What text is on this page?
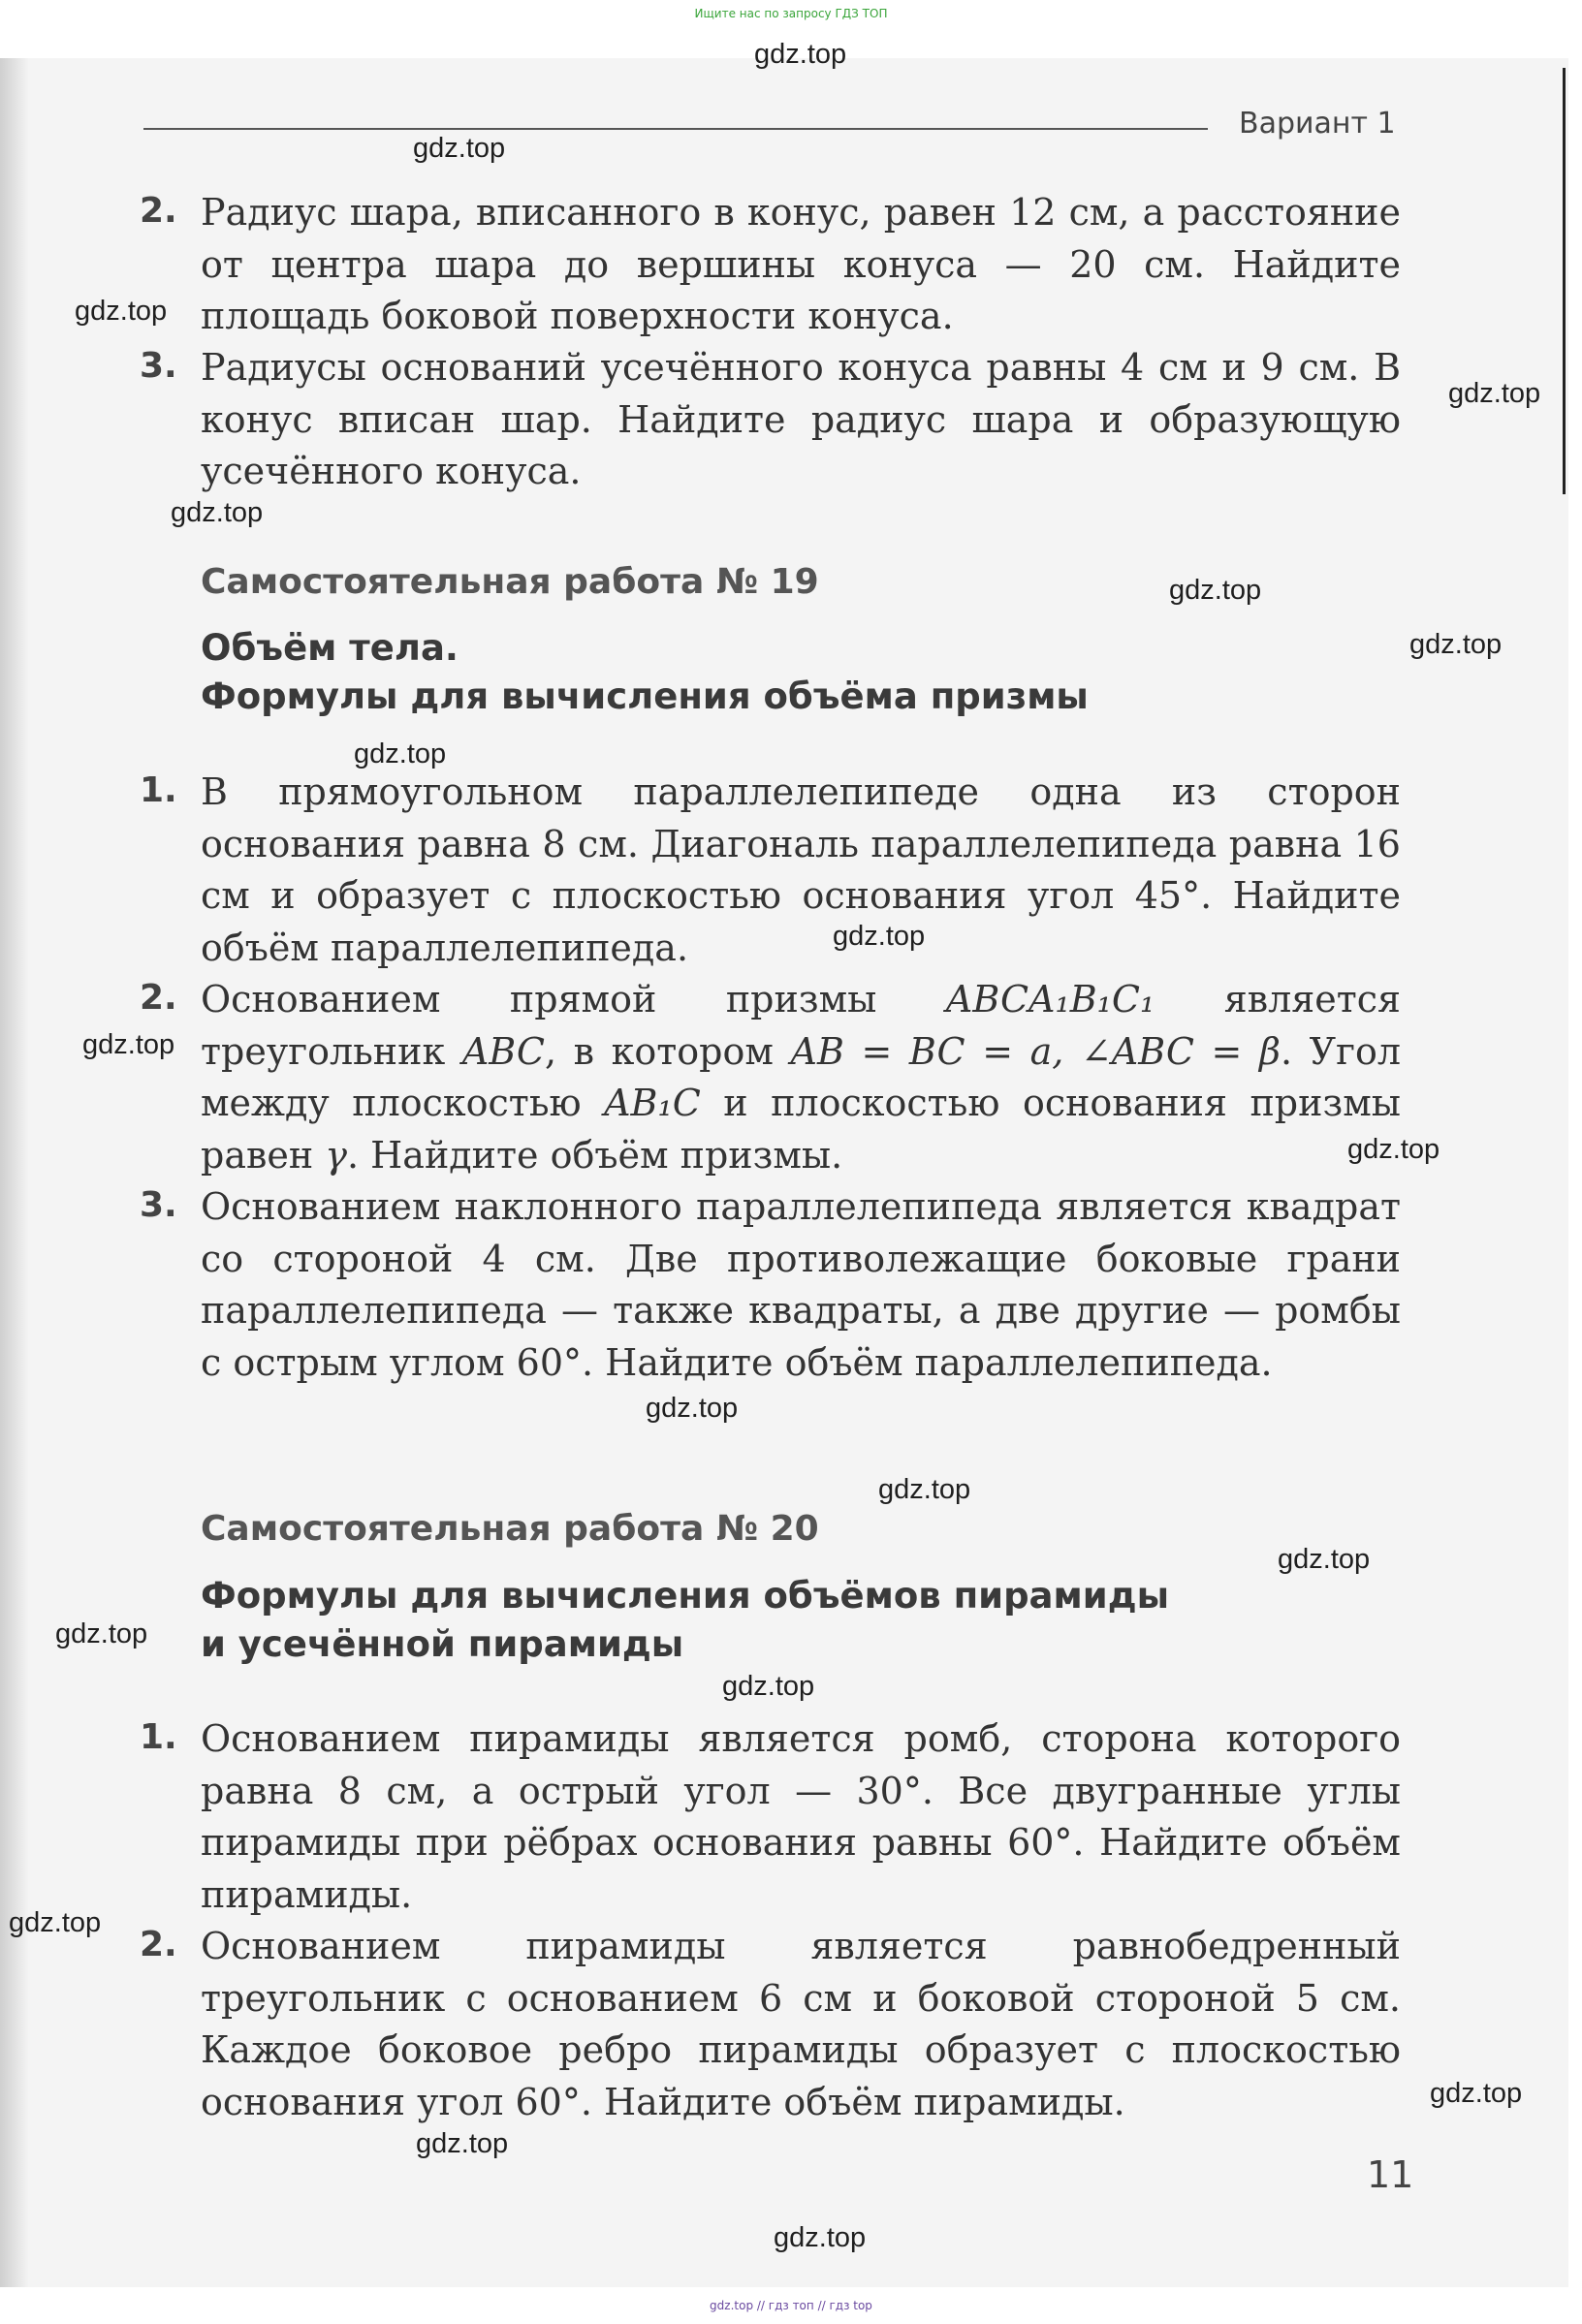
Ищите нас по запросу ГДЗ ТОП
Вариант 1
2. Радиус шара, вписанного в конус, равен 12 см, а расстояние от центра шара до вершины конуса — 20 см. Найдите площадь боковой поверхности конуса.

3. Радиусы оснований усечённого конуса равны 4 см и 9 см. В конус вписан шар. Найдите радиус шара и образующую усечённого конуса.

Самостоятельная работа № 19
Объём тела.
Формулы для вычисления объёма призмы
1. В прямоугольном параллелепипеде одна из сторон основания равна 8 см. Диагональ параллелепипеда равна 16 см и образует с плоскостью основания угол 45°. Найдите объём параллелепипеда.

2. Основанием прямой призмы ABCA₁B₁C₁ является треугольник ABC, в котором AB = BC = a, ∠ABC = β. Угол между плоскостью AB₁C и плоскостью основания призмы равен γ. Найдите объём призмы.

3. Основанием наклонного параллелепипеда является квадрат со стороной 4 см. Две противолежащие боковые грани параллелепипеда — также квадраты, а две другие — ромбы с острым углом 60°. Найдите объём параллелепипеда.

Самостоятельная работа № 20
Формулы для вычисления объёмов пирамиды
и усечённой пирамиды
1. Основанием пирамиды является ромб, сторона которого равна 8 см, а острый угол — 30°. Все двугранные углы пирамиды при рёбрах основания равны 60°. Найдите объём пирамиды.

2. Основанием пирамиды является равнобедренный треугольник с основанием 6 см и боковой стороной 5 см. Каждое боковое ребро пирамиды образует с плоскостью основания угол 60°. Найдите объём пирамиды.

11
gdz.top
gdz.top
gdz.top
gdz.top
gdz.top
gdz.top
gdz.top
gdz.top
gdz.top
gdz.top
gdz.top
gdz.top
gdz.top
gdz.top
gdz.top
gdz.top
gdz.top
gdz.top
gdz.top
gdz.top
gdz.top // гдз топ // гдз top
